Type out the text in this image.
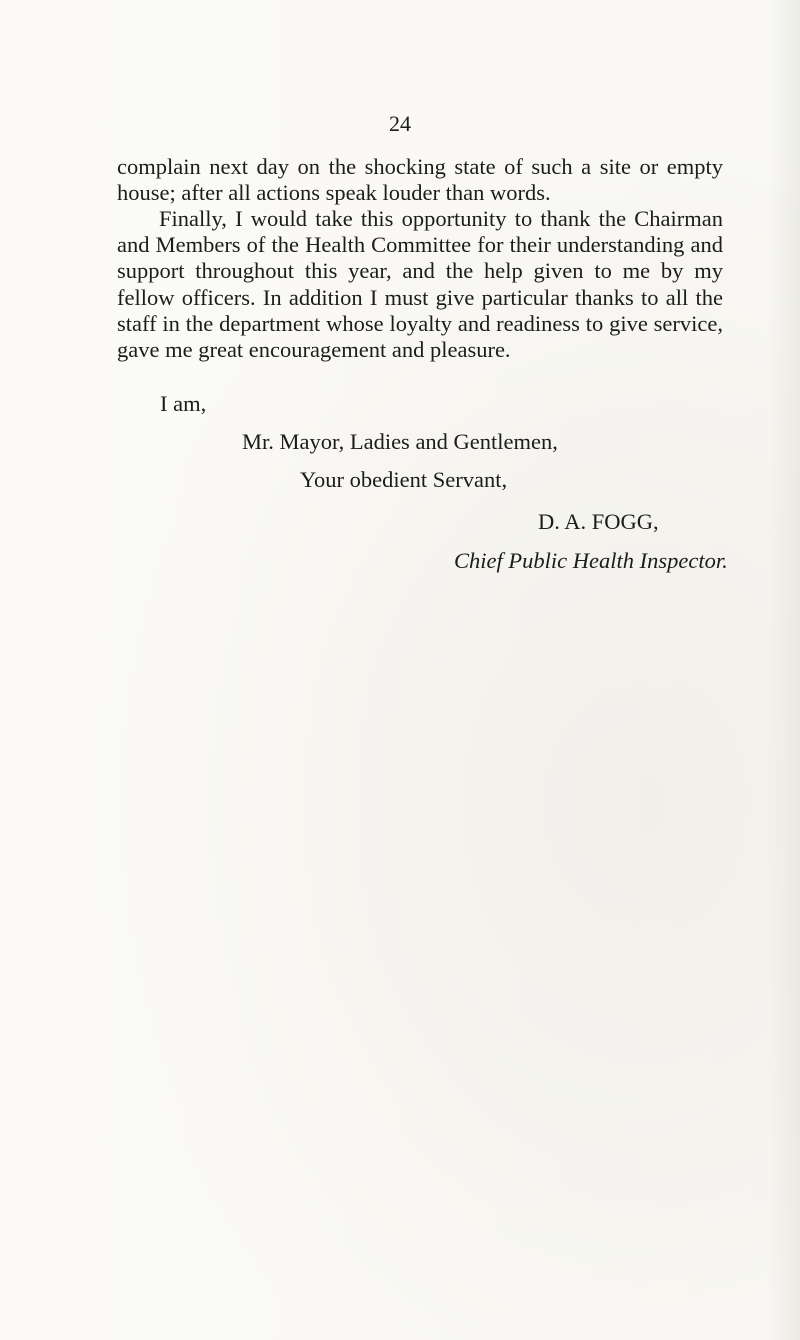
24

complain next day on the shocking state of such a site or empty house; after all actions speak louder than words.

Finally, I would take this opportunity to thank the Chairman and Members of the Health Committee for their understanding and support throughout this year, and the help given to me by my fellow officers. In addition I must give particular thanks to all the staff in the department whose loyalty and readiness to give service, gave me great encouragement and pleasure.

I am,
Mr. Mayor, Ladies and Gentlemen,
Your obedient Servant,
D. A. FOGG,
Chief Public Health Inspector.
